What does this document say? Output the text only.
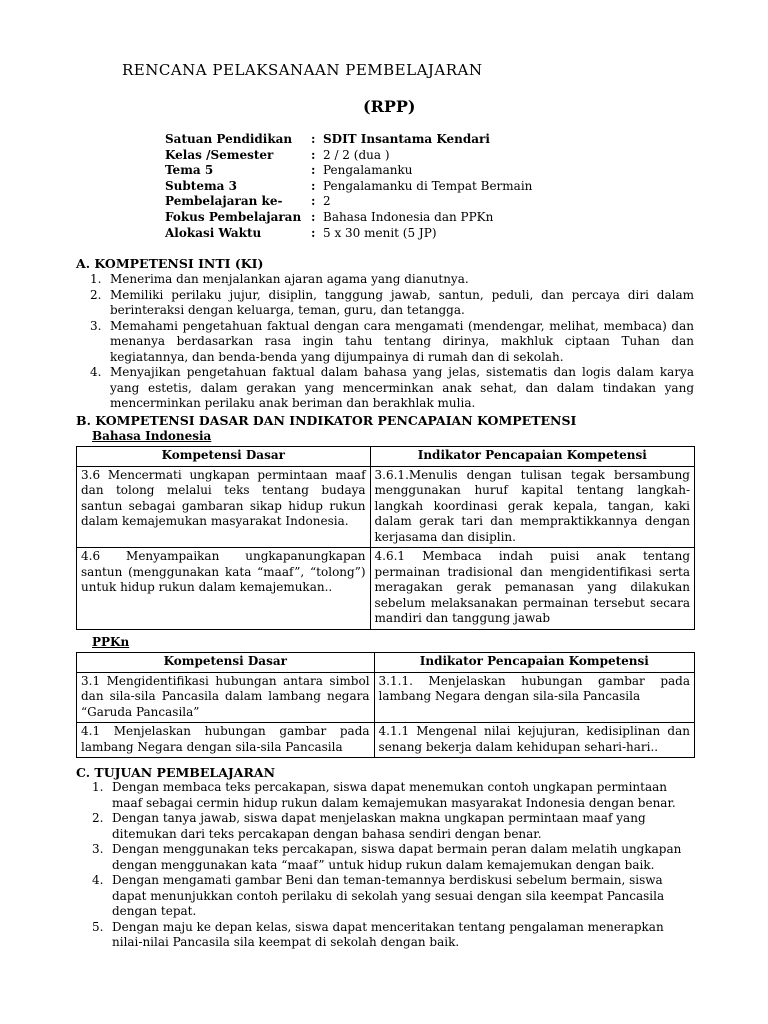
RENCANA PELAKSANAAN PEMBELAJARAN
(RPP)
Satuan Pendidikan	: SDIT Insantama Kendari
Kelas /Semester	: 2 / 2 (dua )
Tema 5	: Pengalamanku
Subtema 3	: Pengalamanku di Tempat Bermain
Pembelajaran ke-	: 2
Fokus Pembelajaran : Bahasa Indonesia dan PPKn
Alokasi Waktu	: 5 x 30 menit (5 JP)
A. KOMPETENSI INTI (KI)
1. Menerima dan menjalankan ajaran agama yang dianutnya.
2. Memiliki perilaku jujur, disiplin, tanggung jawab, santun, peduli, dan percaya diri dalam berinteraksi dengan keluarga, teman, guru, dan tetangga.
3. Memahami pengetahuan faktual dengan cara mengamati (mendengar, melihat, membaca) dan menanya berdasarkan rasa ingin tahu tentang dirinya, makhluk ciptaan Tuhan dan kegiatannya, dan benda-benda yang dijumpainya di rumah dan di sekolah.
4. Menyajikan pengetahuan faktual dalam bahasa yang jelas, sistematis dan logis dalam karya yang estetis, dalam gerakan yang mencerminkan anak sehat, dan dalam tindakan yang mencerminkan perilaku anak beriman dan berakhlak mulia.
B. KOMPETENSI DASAR DAN INDIKATOR PENCAPAIAN KOMPETENSI
Bahasa Indonesia
Kompetensi Dasar	Indikator Pencapaian Kompetensi
3.6 Mencermati ungkapan permintaan maaf dan tolong melalui teks tentang budaya santun sebagai gambaran sikap hidup rukun dalam kemajemukan masyarakat Indonesia.	3.6.1.Menulis dengan tulisan tegak bersambung menggunakan huruf kapital tentang langkah-langkah koordinasi gerak kepala, tangan, kaki dalam gerak tari dan mempraktikkannya dengan kerjasama dan disiplin.
4.6 Menyampaikan ungkapanungkapan santun (menggunakan kata “maaf”, “tolong”) untuk hidup rukun dalam kemajemukan..	4.6.1 Membaca indah puisi anak tentang permainan tradisional dan mengidentifikasi serta meragakan gerak pemanasan yang dilakukan sebelum melaksanakan permainan tersebut secara mandiri dan tanggung jawab
PPKn
Kompetensi Dasar	Indikator Pencapaian Kompetensi
3.1 Mengidentifikasi hubungan antara simbol dan sila-sila Pancasila dalam lambang negara “Garuda Pancasila”	3.1.1. Menjelaskan hubungan gambar pada lambang Negara dengan sila-sila Pancasila
4.1 Menjelaskan hubungan gambar pada lambang Negara dengan sila-sila Pancasila	4.1.1 Mengenal nilai kejujuran, kedisiplinan dan senang bekerja dalam kehidupan sehari-hari..
C. TUJUAN PEMBELAJARAN
1. Dengan membaca teks percakapan, siswa dapat menemukan contoh ungkapan permintaan
maaf sebagai cermin hidup rukun dalam kemajemukan masyarakat Indonesia dengan benar.
2. Dengan tanya jawab, siswa dapat menjelaskan makna ungkapan permintaan maaf yang
ditemukan dari teks percakapan dengan bahasa sendiri dengan benar.
3. Dengan menggunakan teks percakapan, siswa dapat bermain peran dalam melatih ungkapan
dengan menggunakan kata “maaf” untuk hidup rukun dalam kemajemukan dengan baik.
4. Dengan mengamati gambar Beni dan teman-temannya berdiskusi sebelum bermain, siswa
dapat menunjukkan contoh perilaku di sekolah yang sesuai dengan sila keempat Pancasila
dengan tepat.
5. Dengan maju ke depan kelas, siswa dapat menceritakan tentang pengalaman menerapkan
nilai-nilai Pancasila sila keempat di sekolah dengan baik.
